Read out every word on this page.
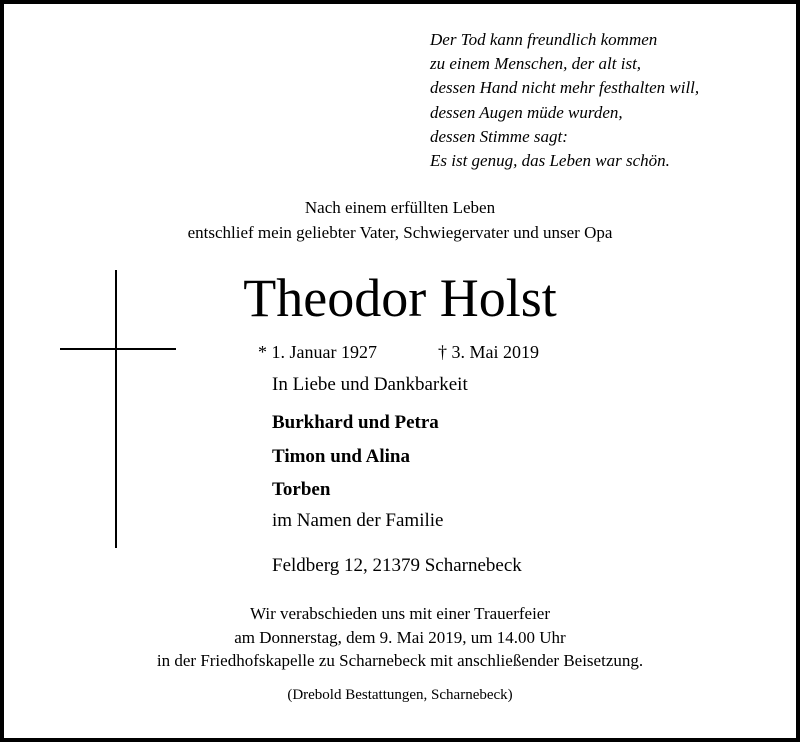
Der Tod kann freundlich kommen
zu einem Menschen, der alt ist,
dessen Hand nicht mehr festhalten will,
dessen Augen müde wurden,
dessen Stimme sagt:
Es ist genug, das Leben war schön.
Nach einem erfüllten Leben
entschlief mein geliebter Vater, Schwiegervater und unser Opa
Theodor Holst
* 1. Januar 1927	† 3. Mai 2019
In Liebe und Dankbarkeit
Burkhard und Petra
Timon und Alina
Torben
im Namen der Familie
Feldberg 12, 21379 Scharnebeck
Wir verabschieden uns mit einer Trauerfeier
am Donnerstag, dem 9. Mai 2019, um 14.00 Uhr
in der Friedhofskapelle zu Scharnebeck mit anschließender Beisetzung.
(Drebold Bestattungen, Scharnebeck)
